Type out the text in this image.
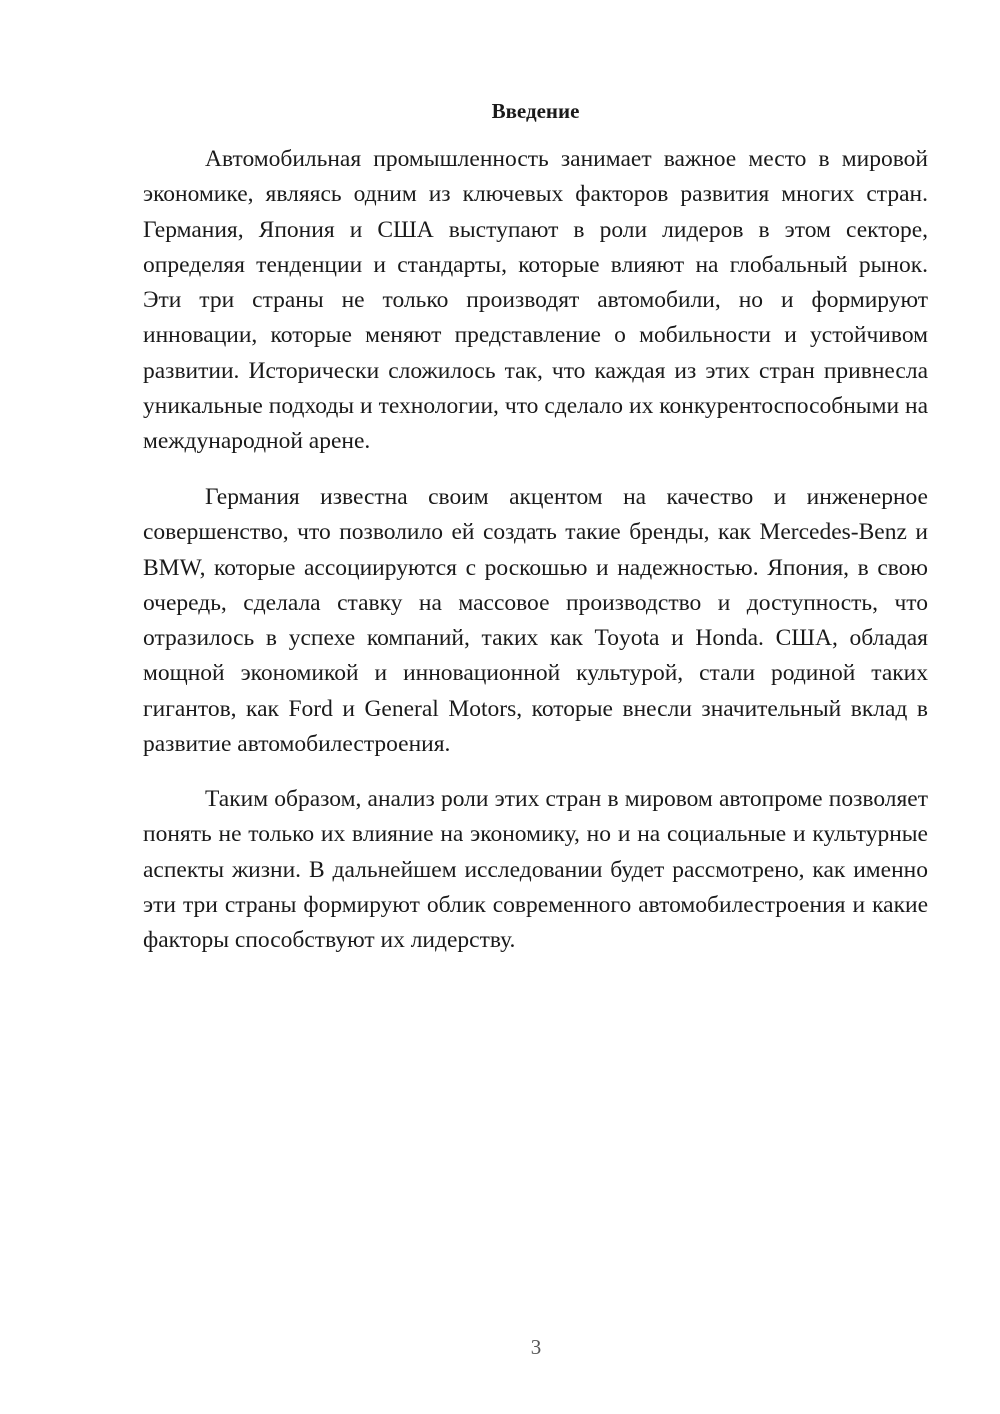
Введение

Автомобильная промышленность занимает важное место в мировой экономике, являясь одним из ключевых факторов развития многих стран. Германия, Япония и США выступают в роли лидеров в этом секторе, определяя тенденции и стандарты, которые влияют на глобальный рынок. Эти три страны не только производят автомобили, но и формируют инновации, которые меняют представление о мобильности и устойчивом развитии. Исторически сложилось так, что каждая из этих стран привнесла уникальные подходы и технологии, что сделало их конкурентоспособными на международной арене.

Германия известна своим акцентом на качество и инженерное совершенство, что позволило ей создать такие бренды, как Mercedes-Benz и BMW, которые ассоциируются с роскошью и надежностью. Япония, в свою очередь, сделала ставку на массовое производство и доступность, что отразилось в успехе компаний, таких как Toyota и Honda. США, обладая мощной экономикой и инновационной культурой, стали родиной таких гигантов, как Ford и General Motors, которые внесли значительный вклад в развитие автомобилестроения.

Таким образом, анализ роли этих стран в мировом автопроме позволяет понять не только их влияние на экономику, но и на социальные и культурные аспекты жизни. В дальнейшем исследовании будет рассмотрено, как именно эти три страны формируют облик современного автомобилестроения и какие факторы способствуют их лидерству.

3
